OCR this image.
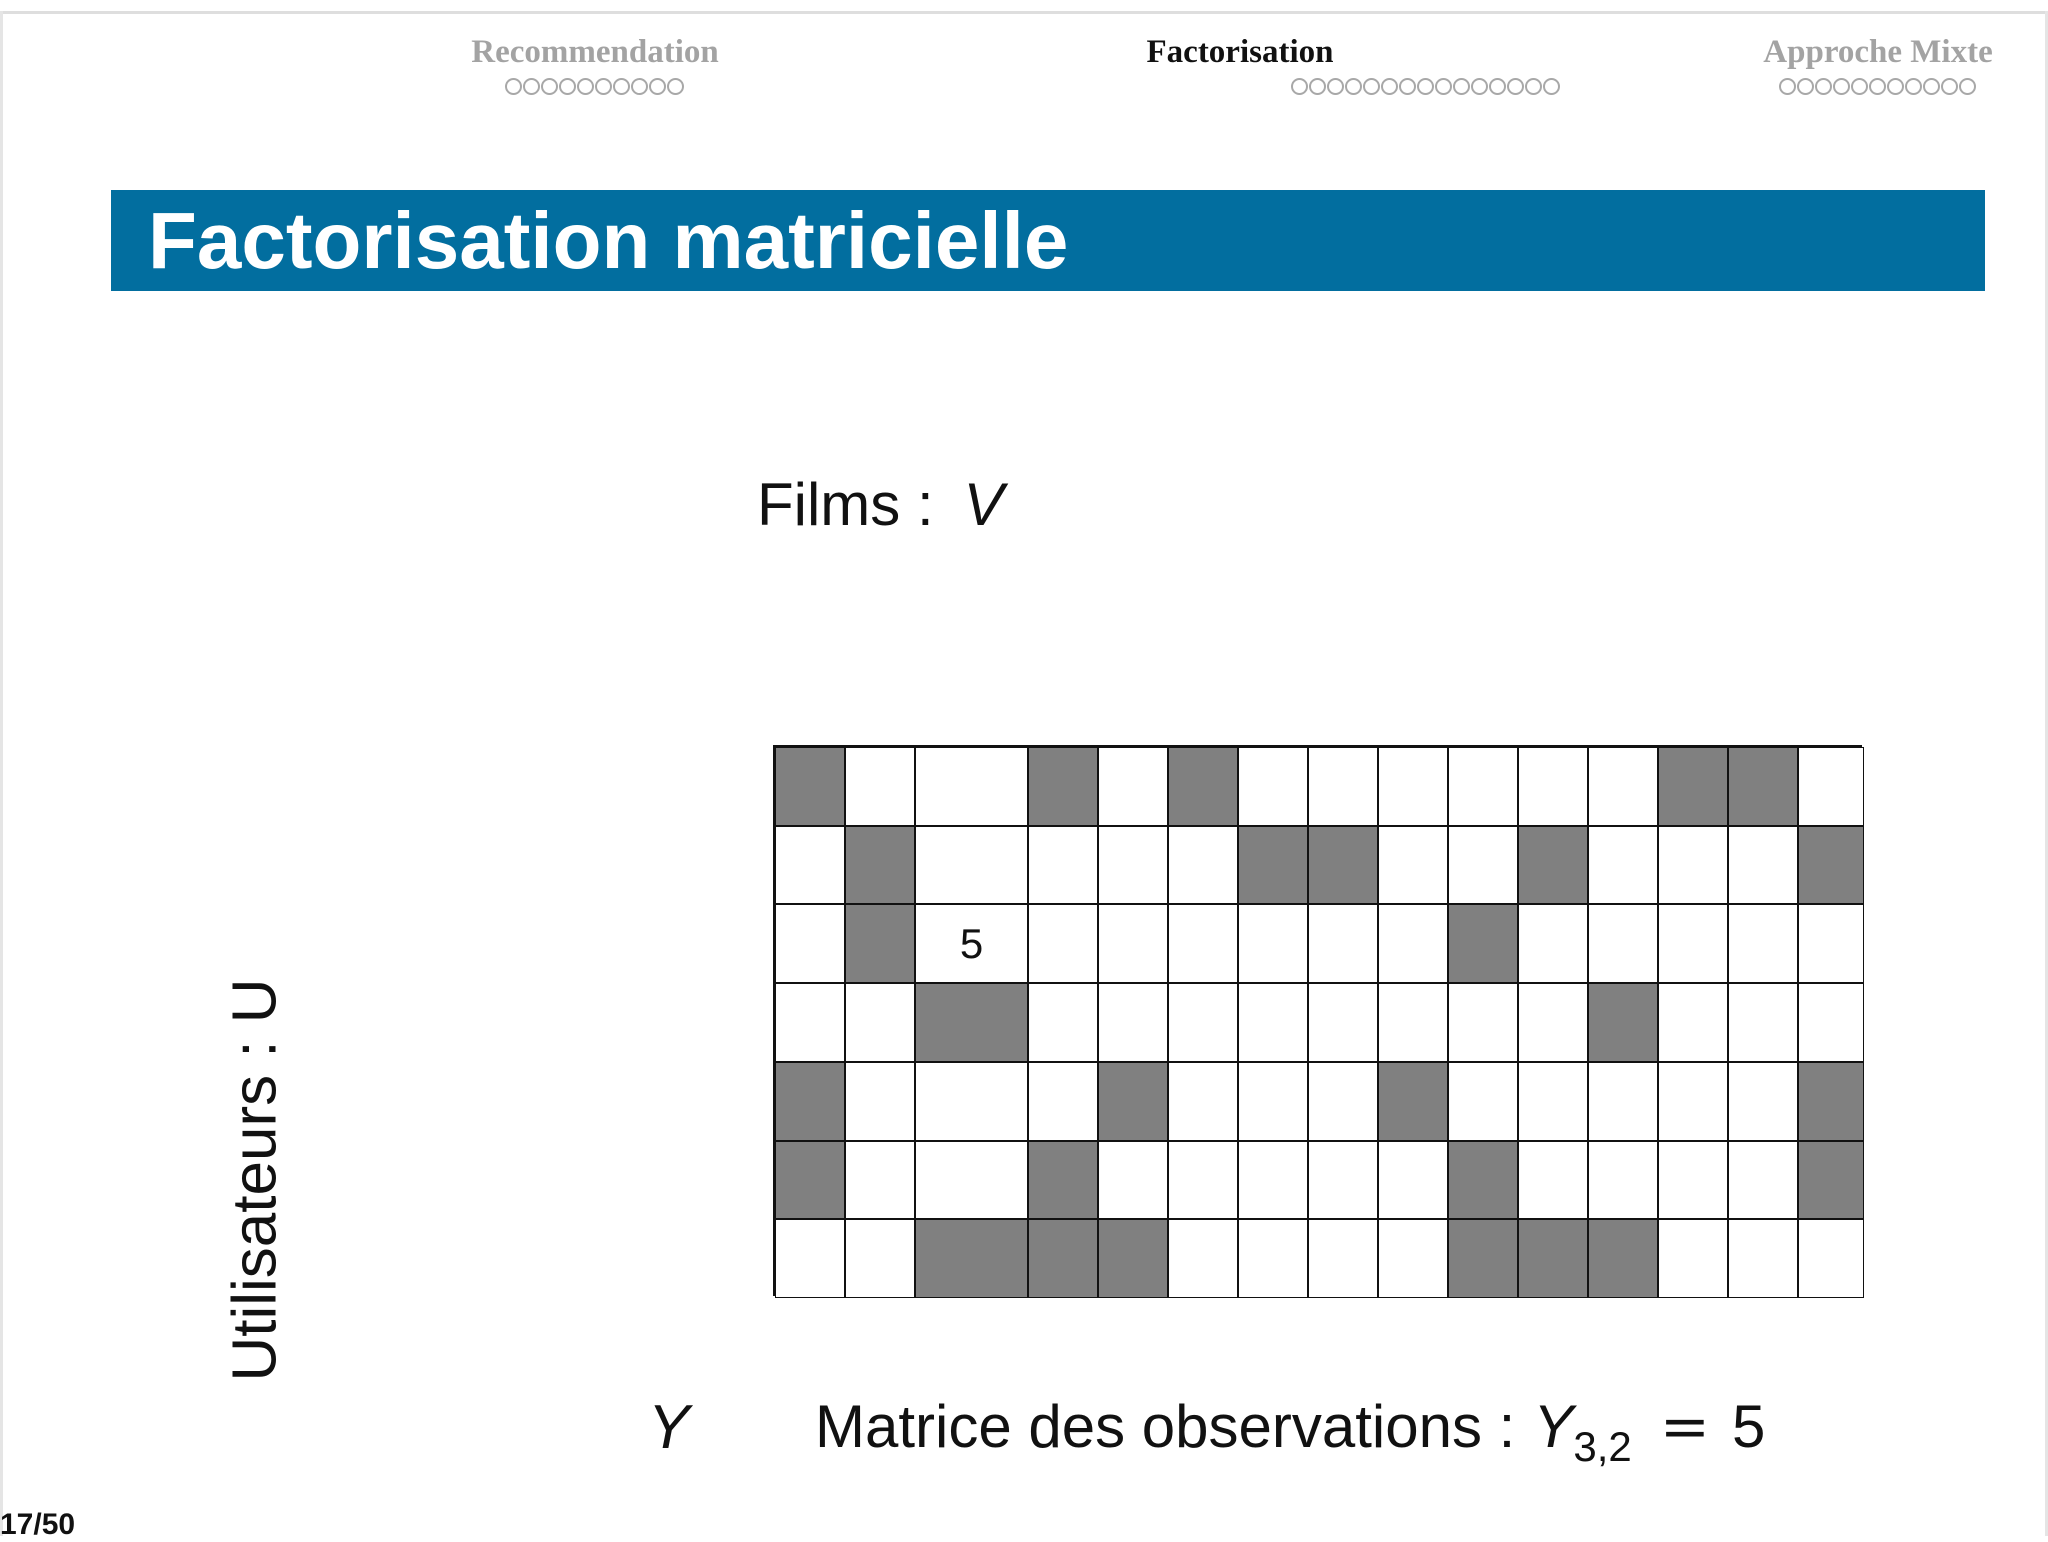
Recommendation	Factorisation	Approche Mixte
Factorisation matricielle
Films : V
Utilisateurs : U
5
Y Matrice des observations : $Y_{3,2} = 5$
17/50
